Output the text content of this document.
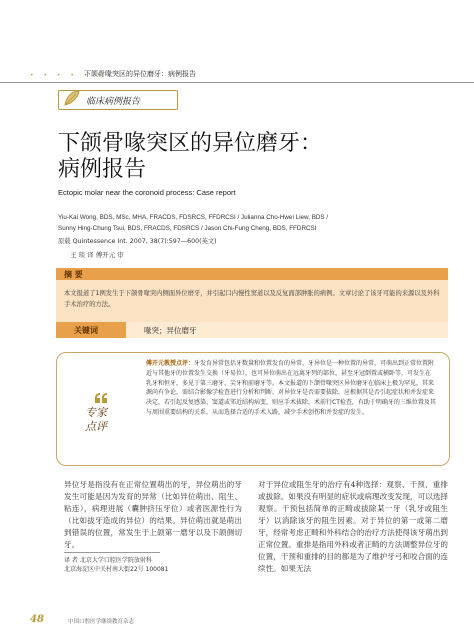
• • • • • •
下颌骨喙突区的异位磨牙：病例报告
临床病例报告
下颌骨喙突区的异位磨牙：
病例报告
Ectopic molar near the coronoid process: Case report
Yiu-Kai Wong, BDS, MSc, MHA, FRACDS, FDSRCS, FFDRCSI / Julianna Cho-Hwei Liew, BDS /
Sunny Hing-Chung Tsui, BDS, FRACDS, FDSRCS / Jason Chi-Fung Cheng, BDS, FFDRCSI
原载 Quintessence Int. 2007, 38(7):597—600(英文)
王 琰 译 傅开元 审
摘 要
本文报道了1例发生于下颌骨喙突内侧面异位磨牙，并引起口内慢性窦道以及反复面部肿胀的病例。文章讨论了该牙可能的来源以及外科手术治疗的方法。
关键词	喙突；异位磨牙
专家
点评
傅开元教授点评：牙发育异常包括牙数量和位置发育的异常，牙异位是一种位置的异常，可萌出到正常位置附近与其他牙的位置发生交换（牙易位），也可异位萌出在远离牙列的部位，甚至牙冠倒置或横卧等，可发生在乳牙和恒牙，多见于第三磨牙、尖牙和前磨牙等。本文报道的下颌骨喙突区异位磨牙在临床上极为罕见，其来源尚有争论，需结合影像学检查进行分析和判断。对异位牙是否需要拔除，应根据其是否引起症状和并发症来决定，若引起反复感染、窦道或邻近结构病变，则应手术拔除。术前行CT检查，有助于明确牙的三维位置及其与周围重要结构的关系，从而选择合适的手术入路，减少手术创伤和并发症的发生。
异位牙是指没有在正常位置萌出的牙，异位萌出的牙发生可能是因为发育的异常（比如异位萌出、阻生、粘连），病理进展（囊肿挤压牙位）或者医源性行为（比如拔牙造成的异位）的结果。异位萌出就是萌出到错误的位置，常发生于上颌第一磨牙以及下颌侧切牙。
对于异位或阻生牙的治疗有4种选择：观察、干预、重排或拔除。如果没有明显的症状或病理改变发现，可以选择观察。干预包括简单的正畸或拔除某一牙（乳牙或阻生牙）以消除该牙的阻生因素。对于异位的第一或第二磨牙，经常考虑正畸和外科结合的治疗方法使得该牙萌出到正常位置。重排是指用外科或者正畸的方法调整异位牙的位置，干预和重排的目的都是为了维护牙弓和咬合面的连续性。如果无法
译 者 北京大学口腔医学院放射科
北京海淀区中关村南大街22号 100081
48	中国口腔医学继续教育杂志
